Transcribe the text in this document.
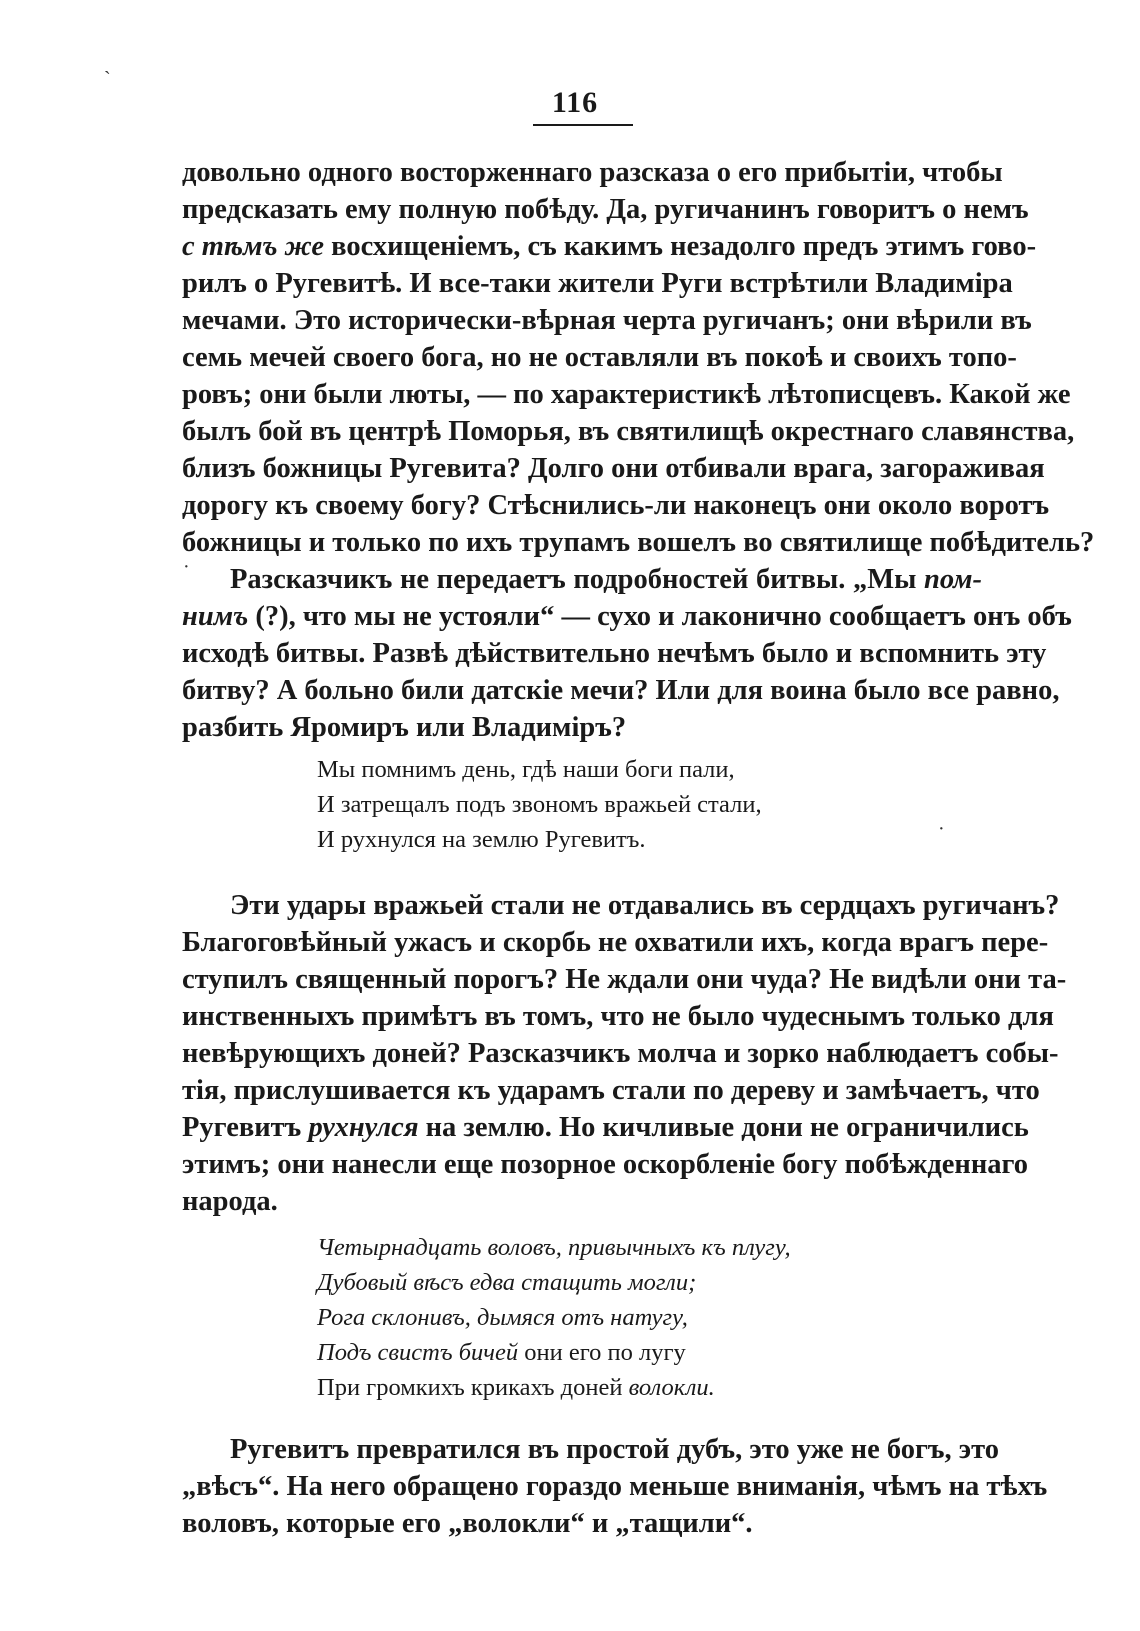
`
·
·
116
довольно одного восторженнаго разсказа о его прибытіи, чтобы
предсказать ему полную побѣду. Да, ругичанинъ говоритъ о немъ
с тѣмъ же восхищеніемъ, съ какимъ незадолго предъ этимъ гово-
рилъ о Ругевитѣ. И все-таки жители Руги встрѣтили Владиміра
мечами. Это исторически-вѣрная черта ругичанъ; они вѣрили въ
семь мечей своего бога, но не оставляли въ покоѣ и своихъ топо-
ровъ; они были люты, — по характеристикѣ лѣтописцевъ. Какой же
былъ бой въ центрѣ Поморья, въ святилищѣ окрестнаго славянства,
близъ божницы Ругевита? Долго они отбивали врага, загораживая
дорогу къ своему богу? Стѣснились-ли наконецъ они около воротъ
божницы и только по ихъ трупамъ вошелъ во святилище побѣдитель?
Разсказчикъ не передаетъ подробностей битвы. „Мы пом-
нимъ (?), что мы не устояли“ — сухо и лаконично сообщаетъ онъ объ
исходѣ битвы. Развѣ дѣйствительно нечѣмъ было и вспомнить эту
битву? А больно били датскіе мечи? Или для воина было все равно,
разбить Яромиръ или Владиміръ?
Мы помнимъ день, гдѣ наши боги пали,
И затрещалъ подъ звономъ вражьей стали,
И рухнулся на землю Ругевитъ.
Эти удары вражьей стали не отдавались въ сердцахъ ругичанъ?
Благоговѣйный ужасъ и скорбь не охватили ихъ, когда врагъ пере-
ступилъ священный порогъ? Не ждали они чуда? Не видѣли они та-
инственныхъ примѣтъ въ томъ, что не было чудеснымъ только для
невѣрующихъ доней? Разсказчикъ молча и зорко наблюдаетъ собы-
тія, прислушивается къ ударамъ стали по дереву и замѣчаетъ, что
Ругевитъ рухнулся на землю. Но кичливые дони не ограничились
этимъ; они нанесли еще позорное оскорбленіе богу побѣжденнаго
народа.
Четырнадцать воловъ, привычныхъ къ плугу,
Дубовый вѣсъ едва стащить могли;
Рога склонивъ, дымяся отъ натугу,
Подъ свистъ бичей они его по лугу
При громкихъ крикахъ доней волокли.
Ругевитъ превратился въ простой дубъ, это уже не богъ, это
„вѣсъ“. На него обращено гораздо меньше вниманія, чѣмъ на тѣхъ
воловъ, которые его „волокли“ и „тащили“.
